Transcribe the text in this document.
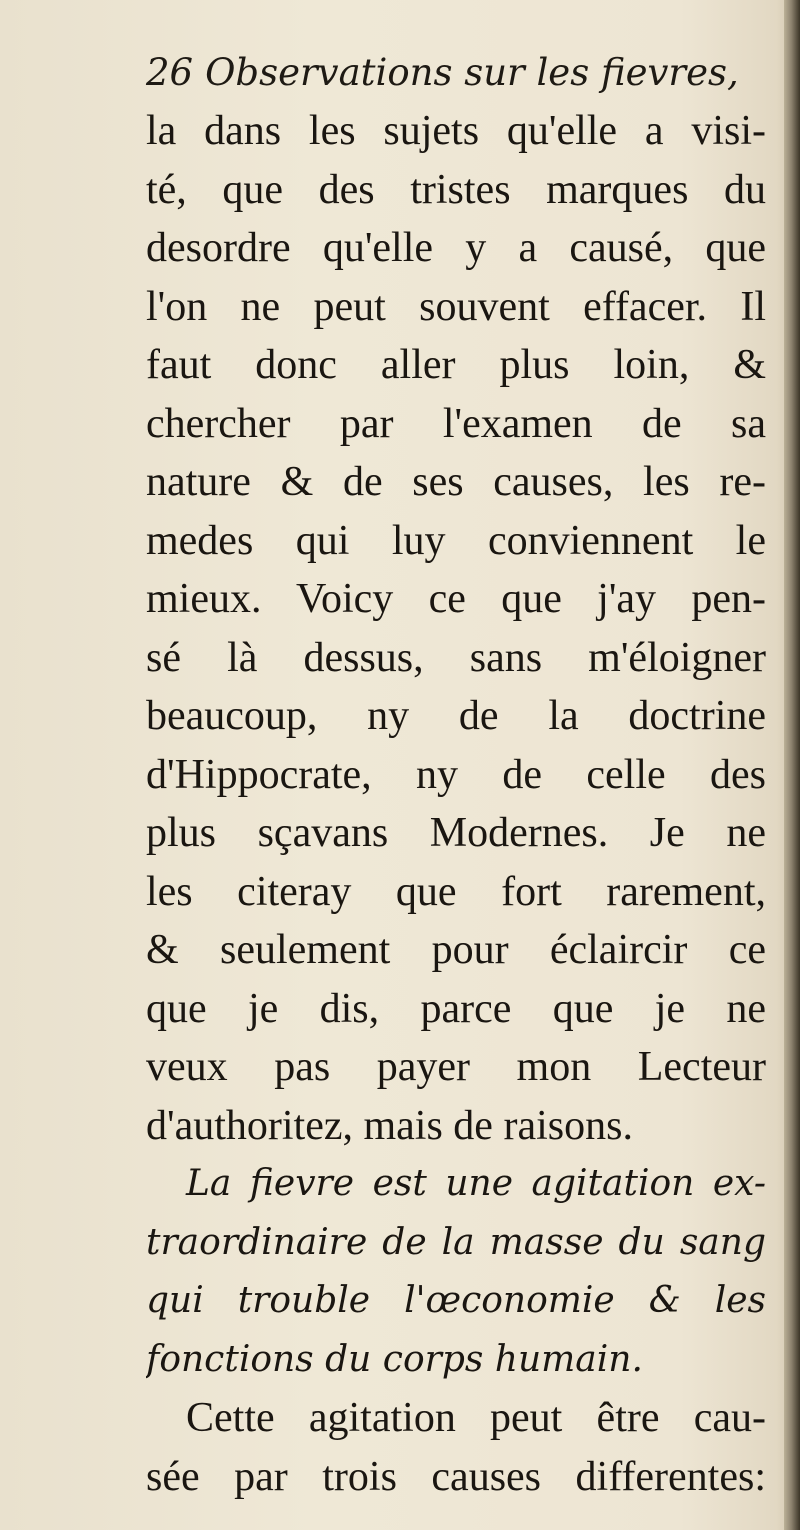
26 Observations sur les fievres,
la dans les sujets qu'elle a visi-
té, que des tristes marques du
desordre qu'elle y a causé, que
l'on ne peut souvent effacer. Il
faut donc aller plus loin, &
chercher par l'examen de sa
nature & de ses causes, les re-
medes qui luy conviennent le
mieux. Voicy ce que j'ay pen-
sé là dessus, sans m'éloigner
beaucoup, ny de la doctrine
d'Hippocrate, ny de celle des
plus sçavans Modernes. Je ne
les citeray que fort rarement,
& seulement pour éclaircir ce
que je dis, parce que je ne
veux pas payer mon Lecteur
d'authoritez, mais de raisons.
La fievre est une agitation ex-
traordinaire de la masse du sang
qui trouble l'œconomie & les
fonctions du corps humain.
Cette agitation peut être cau-
sée par trois causes differentes:
